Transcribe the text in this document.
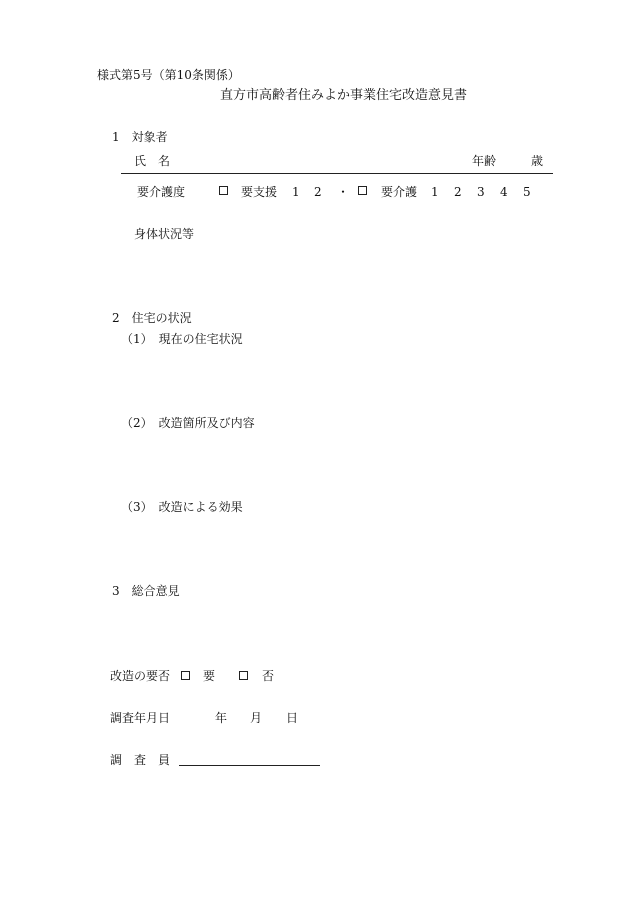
様式第5号（第10条関係）
直方市高齢者住みよか事業住宅改造意見書
1　対象者
氏　名	年齢	歳
要介護度	要支援 1 2 ・	要介護 1 2 3 4 5
身体状況等
2　住宅の状況
（1）　現在の住宅状況
（2）　改造箇所及び内容
（3）　改造による効果
3　総合意見
改造の要否	要	否
調査年月日	年 月 日
調　査　員
